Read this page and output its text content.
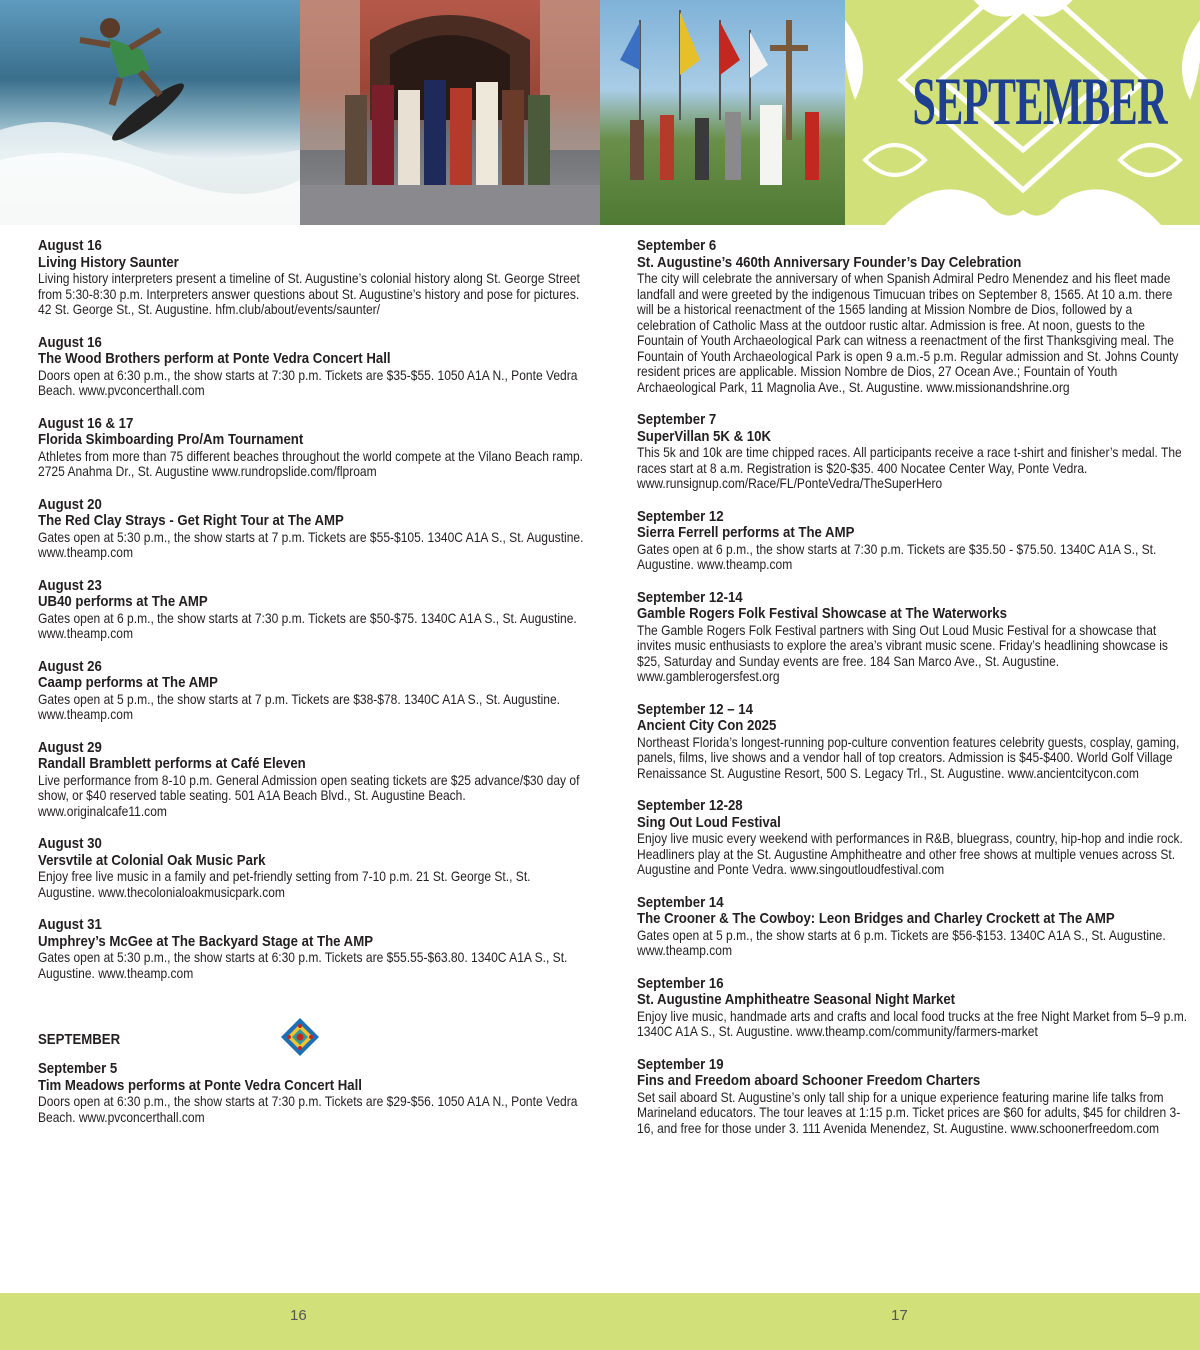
SEPTEMBER
August 16
Living History Saunter
Living history interpreters present a timeline of St. Augustine’s colonial history along St. George Street from 5:30-8:30 p.m. Interpreters answer questions about St. Augustine’s history and pose for pictures. 42 St. George St., St. Augustine. hfm.club/about/events/saunter/
August 16
The Wood Brothers perform at Ponte Vedra Concert Hall
Doors open at 6:30 p.m., the show starts at 7:30 p.m. Tickets are $35-$55. 1050 A1A N., Ponte Vedra Beach. www.pvconcerthall.com
August 16 & 17
Florida Skimboarding Pro/Am Tournament
Athletes from more than 75 different beaches throughout the world compete at the Vilano Beach ramp. 2725 Anahma Dr., St. Augustine www.rundropslide.com/flproam
August 20
The Red Clay Strays - Get Right Tour at The AMP
Gates open at 5:30 p.m., the show starts at 7 p.m. Tickets are $55-$105. 1340C A1A S., St. Augustine. www.theamp.com
August 23
UB40 performs at The AMP
Gates open at 6 p.m., the show starts at 7:30 p.m. Tickets are $50-$75. 1340C A1A S., St. Augustine. www.theamp.com
August 26
Caamp performs at The AMP
Gates open at 5 p.m., the show starts at 7 p.m. Tickets are $38-$78. 1340C A1A S., St. Augustine. www.theamp.com
August 29
Randall Bramblett performs at Café Eleven
Live performance from 8-10 p.m. General Admission open seating tickets are $25 advance/$30 day of show, or $40 reserved table seating. 501 A1A Beach Blvd., St. Augustine Beach. www.originalcafe11.com
August 30
Versvtile at Colonial Oak Music Park
Enjoy free live music in a family and pet-friendly setting from 7-10 p.m. 21 St. George St., St. Augustine. www.thecolonialoakmusicpark.com
August 31
Umphrey’s McGee at The Backyard Stage at The AMP
Gates open at 5:30 p.m., the show starts at 6:30 p.m. Tickets are $55.55-$63.80. 1340C A1A S., St. Augustine. www.theamp.com
SEPTEMBER
September 5
Tim Meadows performs at Ponte Vedra Concert Hall
Doors open at 6:30 p.m., the show starts at 7:30 p.m. Tickets are $29-$56. 1050 A1A N., Ponte Vedra Beach. www.pvconcerthall.com
September 6
St. Augustine’s 460th Anniversary Founder’s Day Celebration
The city will celebrate the anniversary of when Spanish Admiral Pedro Menendez and his fleet made landfall and were greeted by the indigenous Timucuan tribes on September 8, 1565. At 10 a.m. there will be a historical reenactment of the 1565 landing at Mission Nombre de Dios, followed by a celebration of Catholic Mass at the outdoor rustic altar. Admission is free. At noon, guests to the Fountain of Youth Archaeological Park can witness a reenactment of the first Thanksgiving meal. The Fountain of Youth Archaeological Park is open 9 a.m.-5 p.m. Regular admission and St. Johns County resident prices are applicable. Mission Nombre de Dios, 27 Ocean Ave.; Fountain of Youth Archaeological Park, 11 Magnolia Ave., St. Augustine. www.missionandshrine.org
September 7
SuperVillan 5K & 10K
This 5k and 10k are time chipped races. All participants receive a race t-shirt and finisher’s medal. The races start at 8 a.m. Registration is $20-$35. 400 Nocatee Center Way, Ponte Vedra. www.runsignup.com/Race/FL/PonteVedra/TheSuperHero
September 12
Sierra Ferrell performs at The AMP
Gates open at 6 p.m., the show starts at 7:30 p.m. Tickets are $35.50 - $75.50. 1340C A1A S., St. Augustine. www.theamp.com
September 12-14
Gamble Rogers Folk Festival Showcase at The Waterworks
The Gamble Rogers Folk Festival partners with Sing Out Loud Music Festival for a showcase that invites music enthusiasts to explore the area’s vibrant music scene. Friday’s headlining showcase is $25, Saturday and Sunday events are free. 184 San Marco Ave., St. Augustine. www.gamblerogersfest.org
September 12 – 14
Ancient City Con 2025
Northeast Florida’s longest-running pop-culture convention features celebrity guests, cosplay, gaming, panels, films, live shows and a vendor hall of top creators. Admission is $45-$400. World Golf Village Renaissance St. Augustine Resort, 500 S. Legacy Trl., St. Augustine. www.ancientcitycon.com
September 12-28
Sing Out Loud Festival
Enjoy live music every weekend with performances in R&B, bluegrass, country, hip-hop and indie rock. Headliners play at the St. Augustine Amphitheatre and other free shows at multiple venues across St. Augustine and Ponte Vedra. www.singoutloudfestival.com
September 14
The Crooner & The Cowboy: Leon Bridges and Charley Crockett at The AMP
Gates open at 5 p.m., the show starts at 6 p.m. Tickets are $56-$153. 1340C A1A S., St. Augustine. www.theamp.com
September 16
St. Augustine Amphitheatre Seasonal Night Market
Enjoy live music, handmade arts and crafts and local food trucks at the free Night Market from 5–9 p.m. 1340C A1A S., St. Augustine. www.theamp.com/community/farmers-market
September 19
Fins and Freedom aboard Schooner Freedom Charters
Set sail aboard St. Augustine’s only tall ship for a unique experience featuring marine life talks from Marineland educators. The tour leaves at 1:15 p.m. Ticket prices are $60 for adults, $45 for children 3- 16, and free for those under 3. 111 Avenida Menendez, St. Augustine. www.schoonerfreedom.com
16	17
